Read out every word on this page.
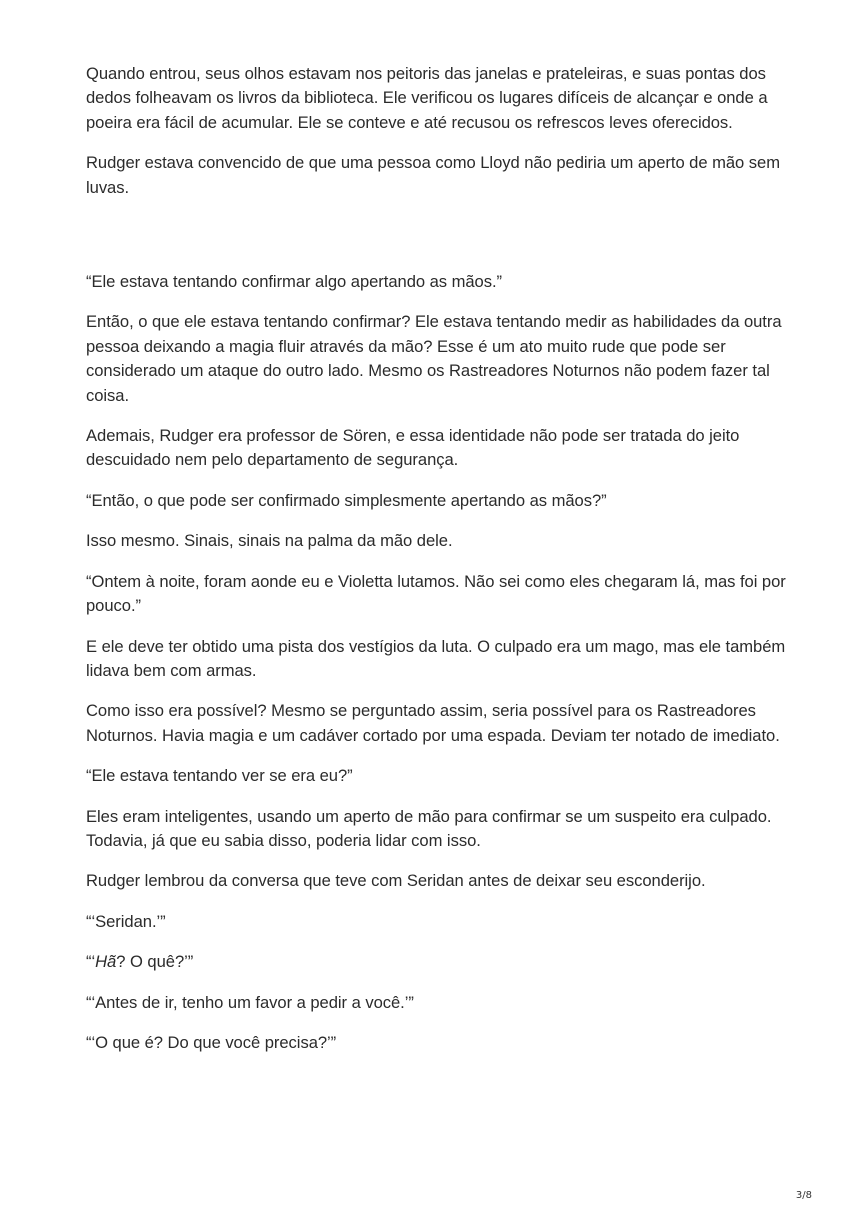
Quando entrou, seus olhos estavam nos peitoris das janelas e prateleiras, e suas pontas dos dedos folheavam os livros da biblioteca. Ele verificou os lugares difíceis de alcançar e onde a poeira era fácil de acumular. Ele se conteve e até recusou os refrescos leves oferecidos.

Rudger estava convencido de que uma pessoa como Lloyd não pediria um aperto de mão sem luvas.

“Ele estava tentando confirmar algo apertando as mãos.”

Então, o que ele estava tentando confirmar? Ele estava tentando medir as habilidades da outra pessoa deixando a magia fluir através da mão? Esse é um ato muito rude que pode ser considerado um ataque do outro lado. Mesmo os Rastreadores Noturnos não podem fazer tal coisa.

Ademais, Rudger era professor de Sören, e essa identidade não pode ser tratada do jeito descuidado nem pelo departamento de segurança.

“Então, o que pode ser confirmado simplesmente apertando as mãos?”

Isso mesmo. Sinais, sinais na palma da mão dele.

“Ontem à noite, foram aonde eu e Violetta lutamos. Não sei como eles chegaram lá, mas foi por pouco.”

E ele deve ter obtido uma pista dos vestígios da luta. O culpado era um mago, mas ele também lidava bem com armas.

Como isso era possível? Mesmo se perguntado assim, seria possível para os Rastreadores Noturnos. Havia magia e um cadáver cortado por uma espada. Deviam ter notado de imediato.

“Ele estava tentando ver se era eu?”

Eles eram inteligentes, usando um aperto de mão para confirmar se um suspeito era culpado. Todavia, já que eu sabia disso, poderia lidar com isso.

Rudger lembrou da conversa que teve com Seridan antes de deixar seu esconderijo.

“‘Seridan.’”

“‘Hã? O quê?’”

“‘Antes de ir, tenho um favor a pedir a você.’”

“‘O que é? Do que você precisa?’”

3/8
